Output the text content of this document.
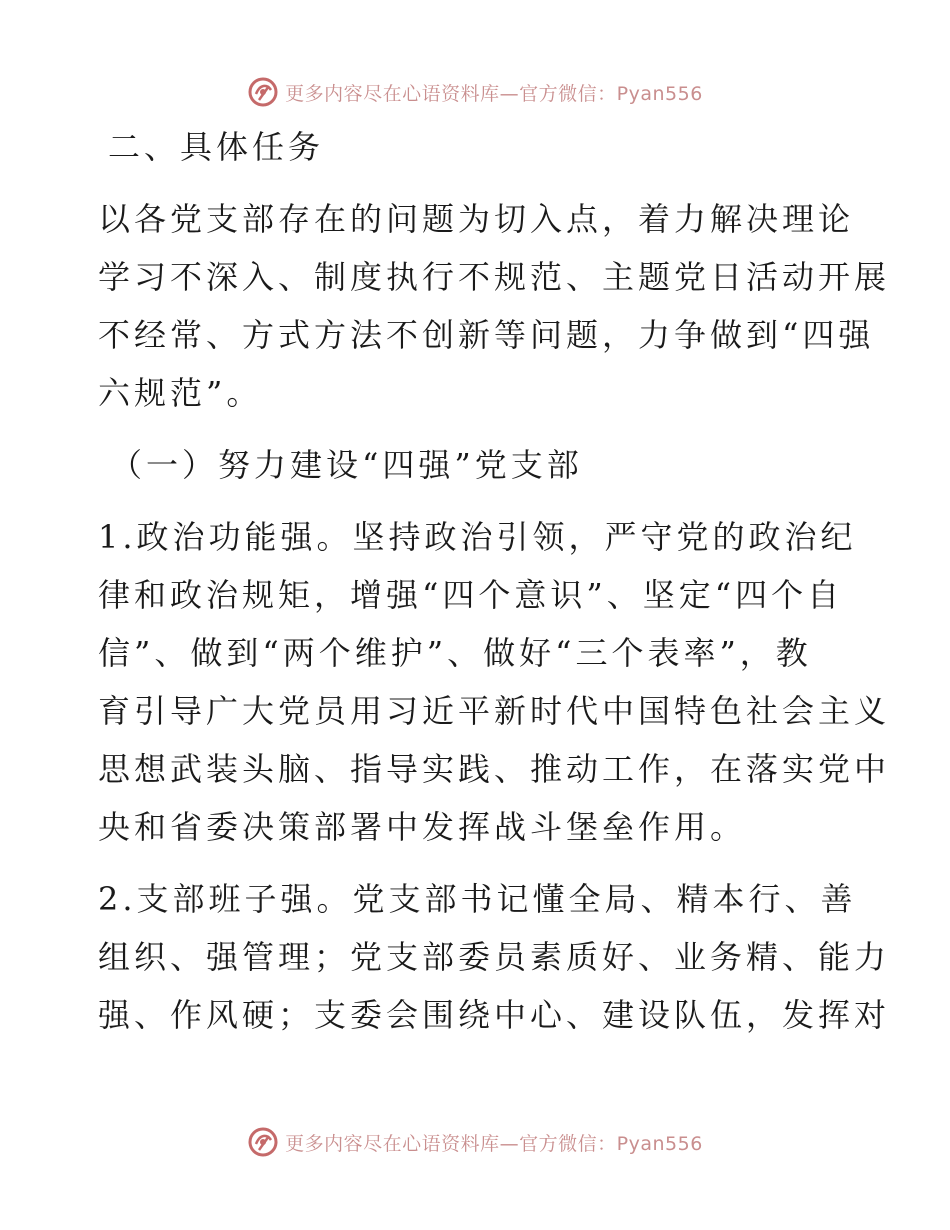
更多内容尽在心语资料库—官方微信：Pyan556
二、具体任务
以各党支部存在的问题为切入点，着力解决理论
学习不深入、制度执行不规范、主题党日活动开展
不经常、方式方法不创新等问题，力争做到“四强
六规范”。
（一）努力建设“四强”党支部
1.政治功能强。坚持政治引领，严守党的政治纪
律和政治规矩，增强“四个意识”、坚定“四个自
信”、做到“两个维护”、做好“三个表率”，教
育引导广大党员用习近平新时代中国特色社会主义
思想武装头脑、指导实践、推动工作，在落实党中
央和省委决策部署中发挥战斗堡垒作用。
2.支部班子强。党支部书记懂全局、精本行、善
组织、强管理；党支部委员素质好、业务精、能力
强、作风硬；支委会围绕中心、建设队伍，发挥对
更多内容尽在心语资料库—官方微信：Pyan556
